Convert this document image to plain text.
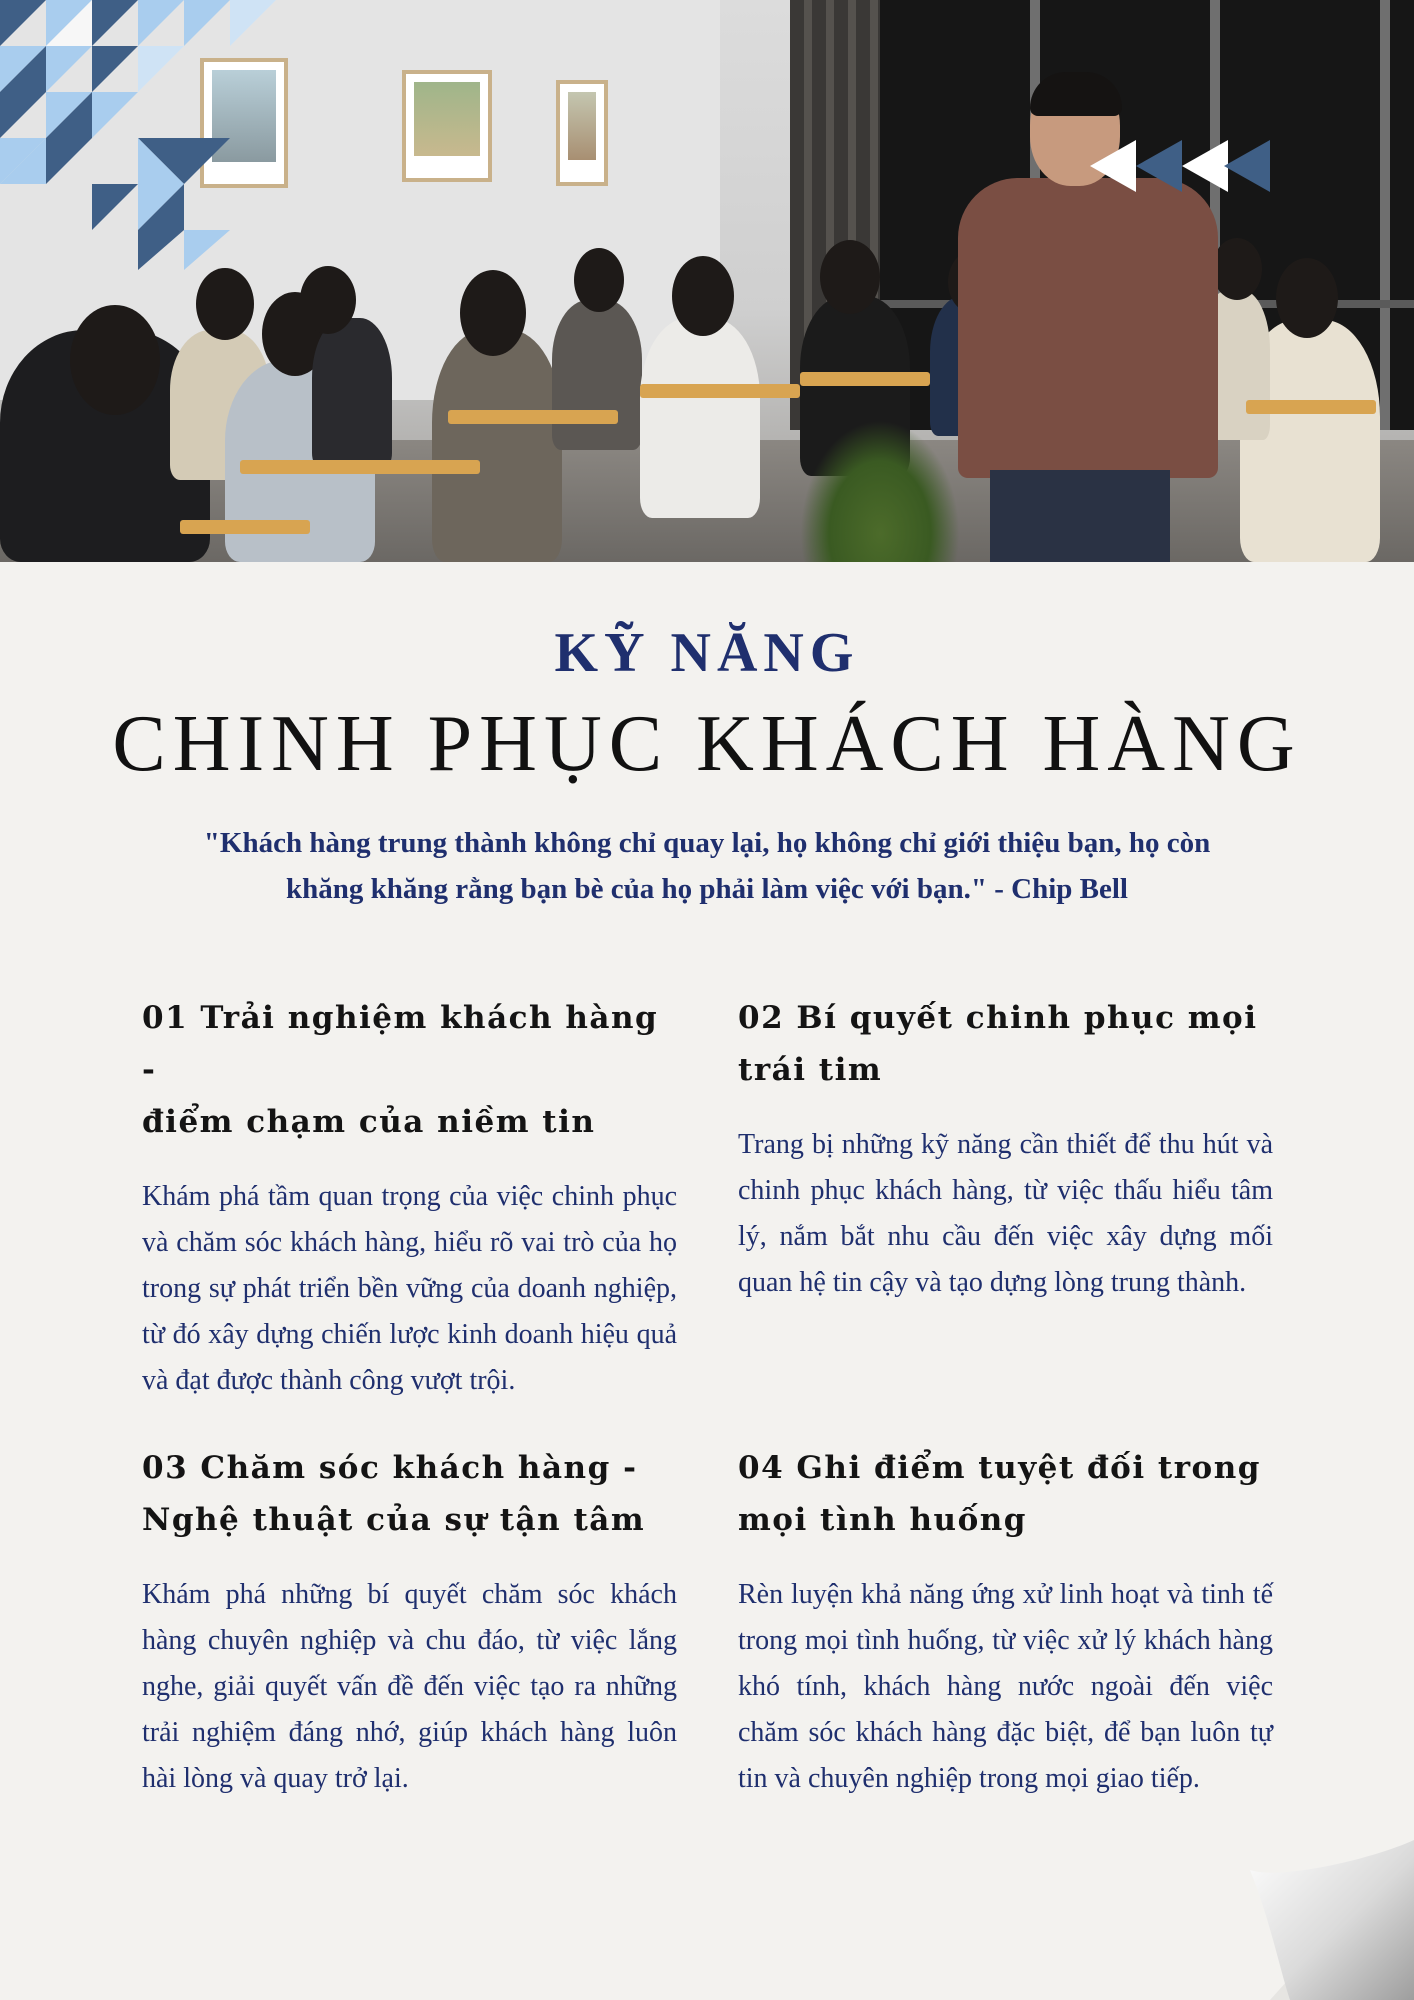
KỸ NĂNG
CHINH PHỤC KHÁCH HÀNG
"Khách hàng trung thành không chỉ quay lại, họ không chỉ giới thiệu bạn, họ còn
khăng khăng rằng bạn bè của họ phải làm việc với bạn." - Chip Bell
01 Trải nghiệm khách hàng -
điểm chạm của niềm tin

Khám phá tầm quan trọng của việc chinh phục và chăm sóc khách hàng, hiểu rõ vai trò của họ trong sự phát triển bền vững của doanh nghiệp, từ đó xây dựng chiến lược kinh doanh hiệu quả và đạt được thành công vượt trội.

02 Bí quyết chinh phục mọi
trái tim

Trang bị những kỹ năng cần thiết để thu hút và chinh phục khách hàng, từ việc thấu hiểu tâm lý, nắm bắt nhu cầu đến việc xây dựng mối quan hệ tin cậy và tạo dựng lòng trung thành.

03 Chăm sóc khách hàng -
Nghệ thuật của sự tận tâm

Khám phá những bí quyết chăm sóc khách hàng chuyên nghiệp và chu đáo, từ việc lắng nghe, giải quyết vấn đề đến việc tạo ra những trải nghiệm đáng nhớ, giúp khách hàng luôn hài lòng và quay trở lại.

04 Ghi điểm tuyệt đối trong
mọi tình huống

Rèn luyện khả năng ứng xử linh hoạt và tinh tế trong mọi tình huống, từ việc xử lý khách hàng khó tính, khách hàng nước ngoài đến việc chăm sóc khách hàng đặc biệt, để bạn luôn tự tin và chuyên nghiệp trong mọi giao tiếp.
